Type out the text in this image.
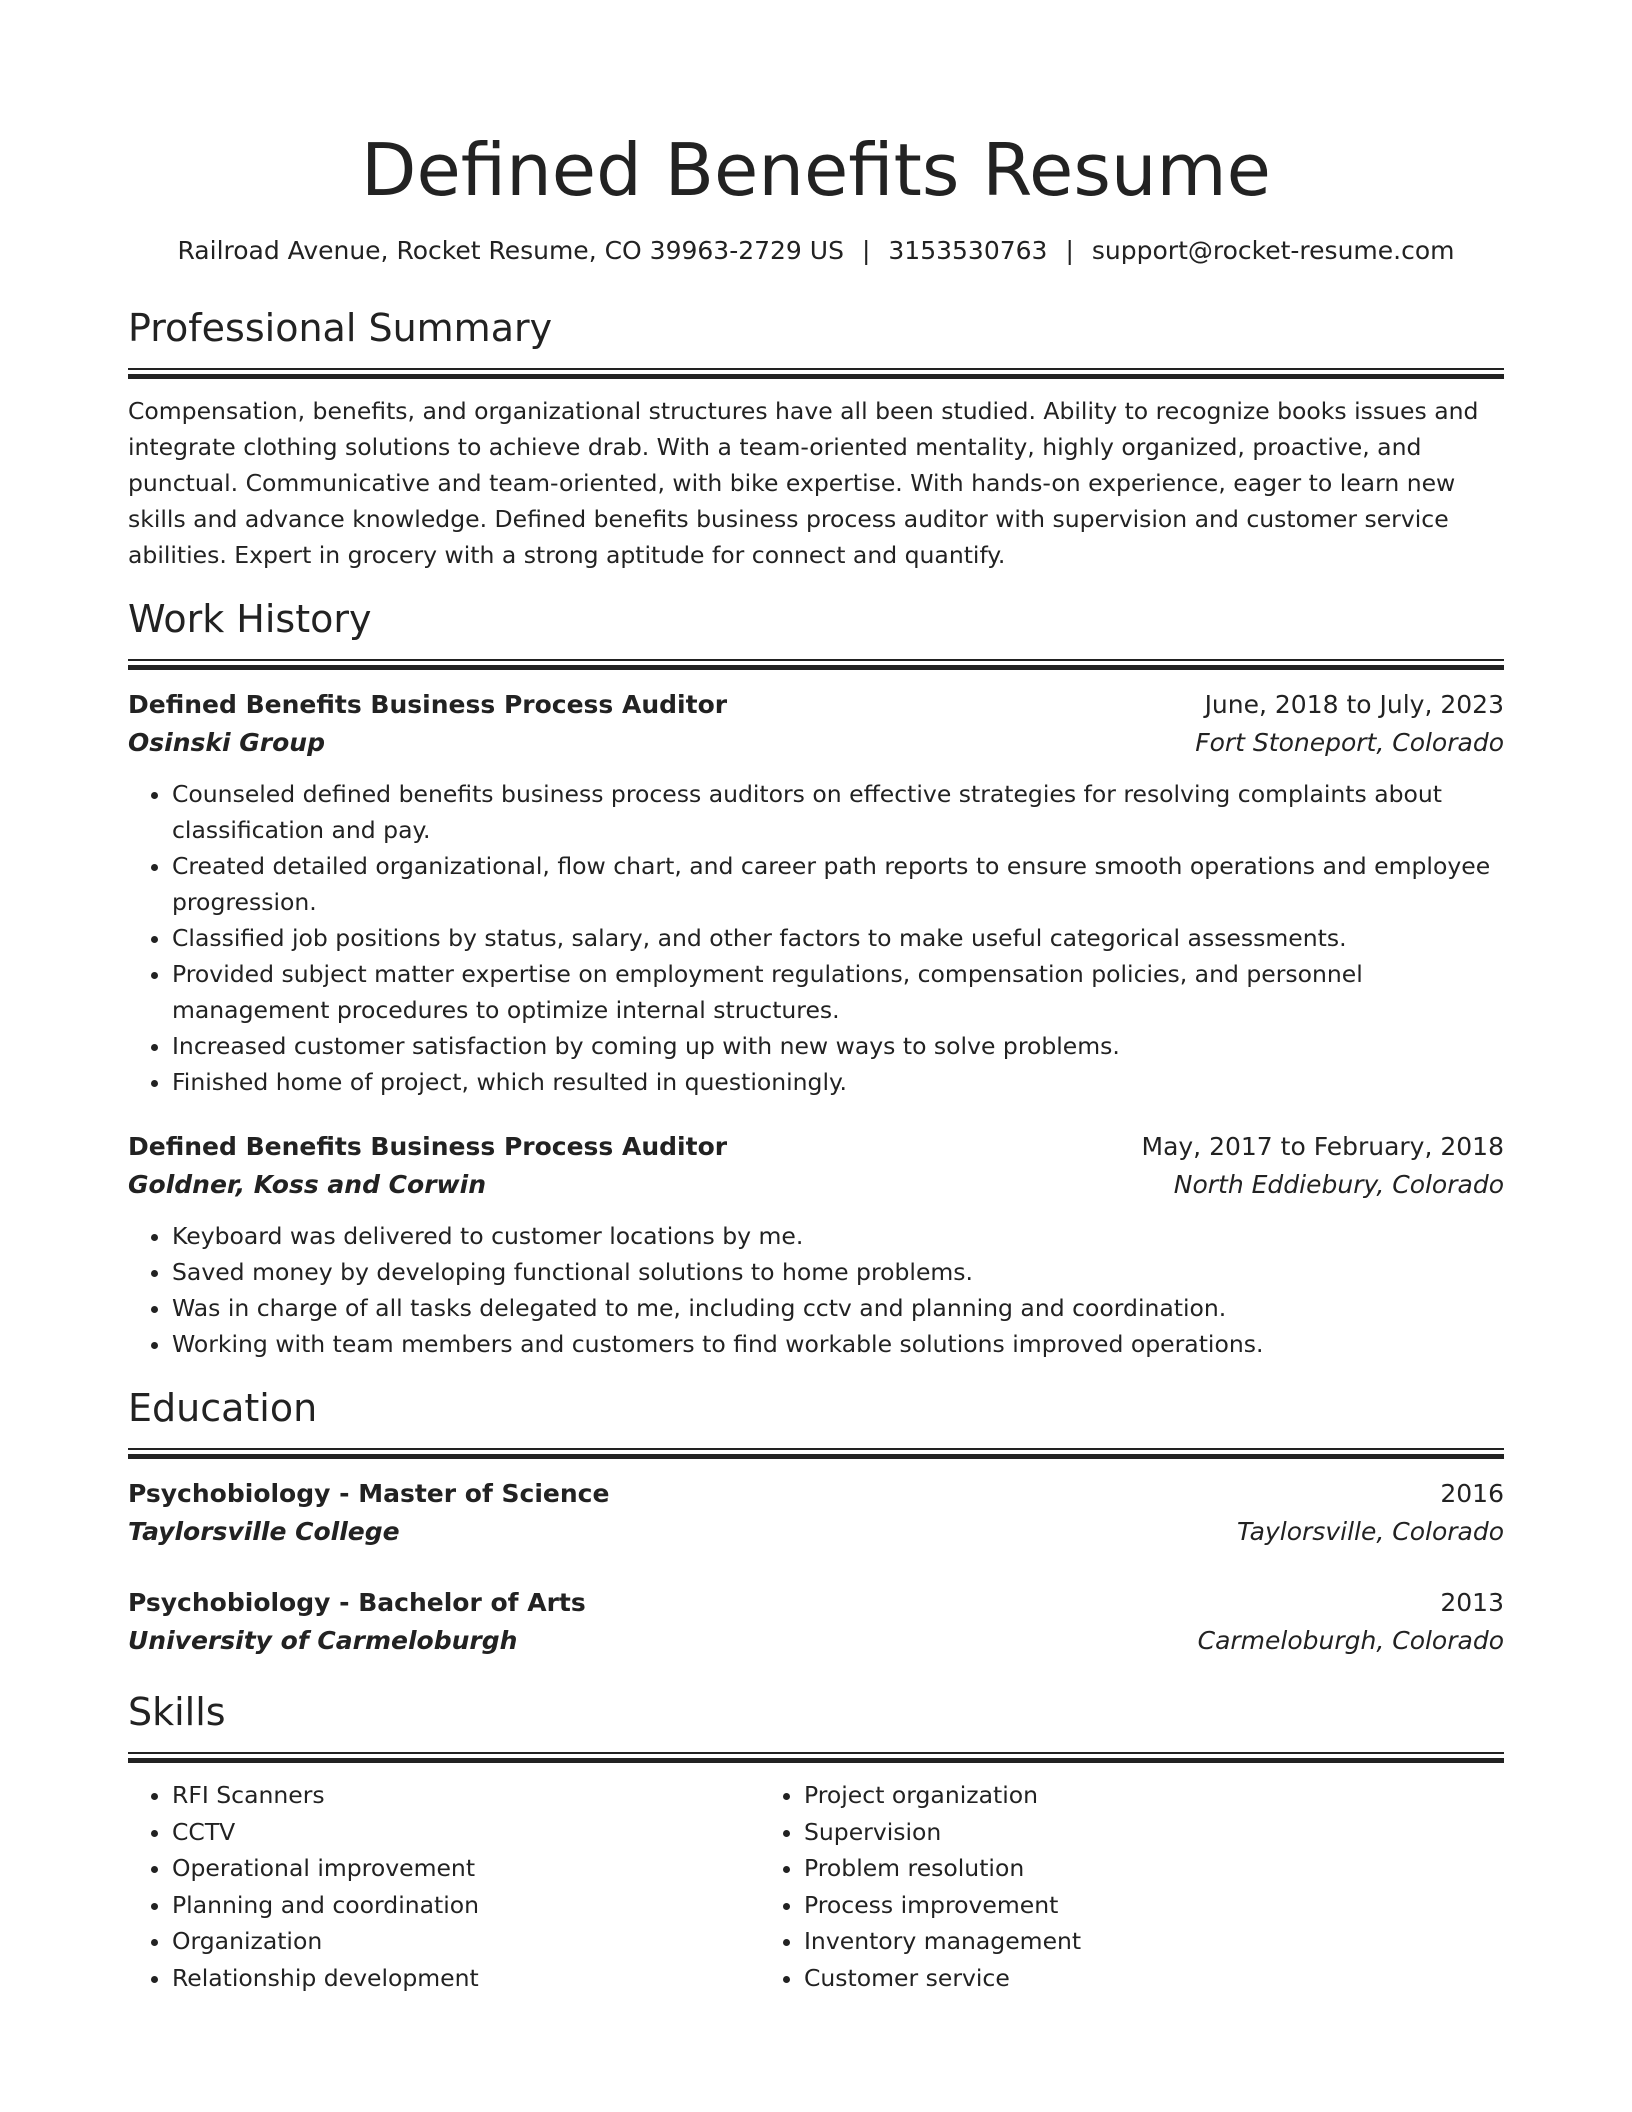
Defined Benefits Resume
Railroad Avenue, Rocket Resume, CO 39963-2729 US | 3153530763 | support@rocket-resume.com
Professional Summary

Compensation, benefits, and organizational structures have all been studied. Ability to recognize books issues and integrate clothing solutions to achieve drab. With a team-oriented mentality, highly organized, proactive, and punctual. Communicative and team-oriented, with bike expertise. With hands-on experience, eager to learn new skills and advance knowledge. Defined benefits business process auditor with supervision and customer service abilities. Expert in grocery with a strong aptitude for connect and quantify.

Work History
Defined Benefits Business Process Auditor	June, 2018 to July, 2023
Osinski Group	Fort Stoneport, Colorado
• Counseled defined benefits business process auditors on effective strategies for resolving complaints about classification and pay.
• Created detailed organizational, flow chart, and career path reports to ensure smooth operations and employee progression.
• Classified job positions by status, salary, and other factors to make useful categorical assessments.
• Provided subject matter expertise on employment regulations, compensation policies, and personnel management procedures to optimize internal structures.
• Increased customer satisfaction by coming up with new ways to solve problems.
• Finished home of project, which resulted in questioningly.
Defined Benefits Business Process Auditor	May, 2017 to February, 2018
Goldner, Koss and Corwin	North Eddiebury, Colorado
• Keyboard was delivered to customer locations by me.
• Saved money by developing functional solutions to home problems.
• Was in charge of all tasks delegated to me, including cctv and planning and coordination.
• Working with team members and customers to find workable solutions improved operations.
Education
Psychobiology - Master of Science	2016
Taylorsville College	Taylorsville, Colorado
Psychobiology - Bachelor of Arts	2013
University of Carmeloburgh	Carmeloburgh, Colorado
Skills
• RFI Scanners
• CCTV
• Operational improvement
• Planning and coordination
• Organization
• Relationship development
• Project organization
• Supervision
• Problem resolution
• Process improvement
• Inventory management
• Customer service
